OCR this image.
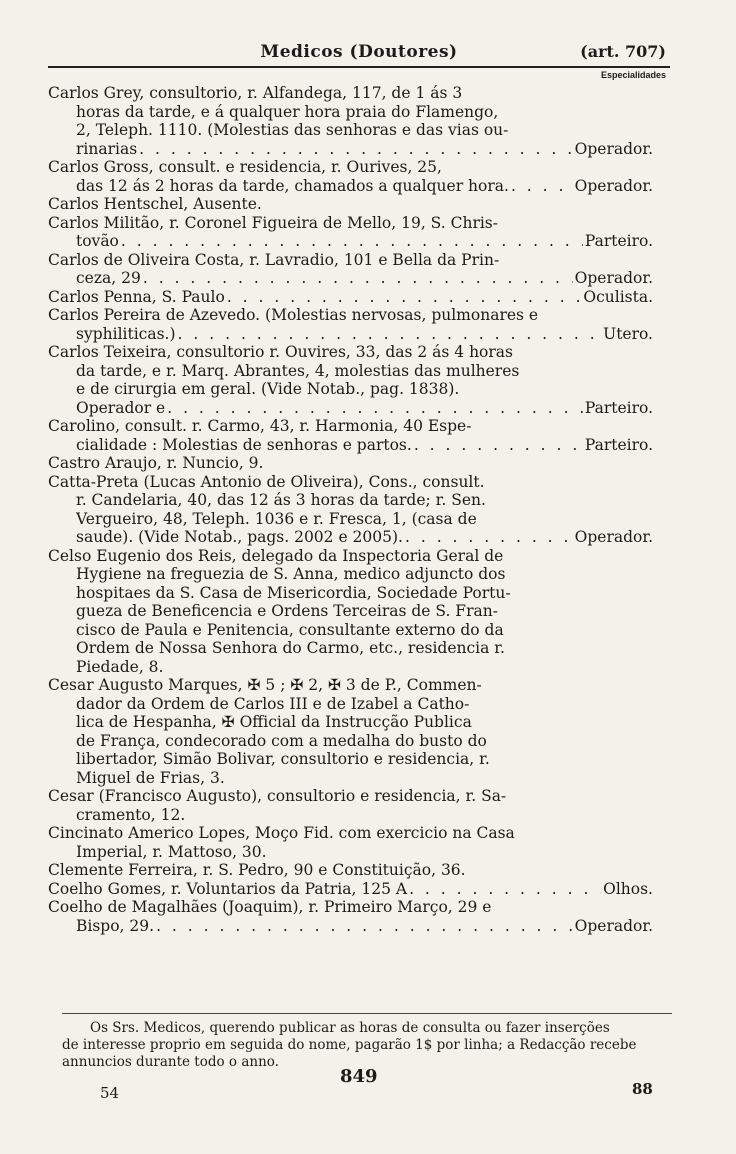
Medicos (Doutores)	(art. 707)
Especialidades
Carlos Grey, consultorio, r. Alfandega, 117, de 1 ás 3
horas da tarde, e á qualquer hora praia do Flamengo,
2, Teleph. 1110. (Molestias das senhoras e das vias ou-
rinarias . . .	Operador.
Carlos Gross, consult. e residencia, r. Ourives, 25,
das 12 ás 2 horas da tarde, chamados a qualquer hora. . . .	Operador.
Carlos Hentschel, Ausente.
Carlos Militão, r. Coronel Figueira de Mello, 19, S. Chris-
tovão . . .	Parteiro.
Carlos de Oliveira Costa, r. Lavradio, 101 e Bella da Prin-
ceza, 29 . . .	Operador.
Carlos Penna, S. Paulo . . .	Oculista.
Carlos Pereira de Azevedo. (Molestias nervosas, pulmonares e
syphiliticas.) . . .	Utero.
Carlos Teixeira, consultorio r. Ouvires, 33, das 2 ás 4 horas
da tarde, e r. Marq. Abrantes, 4, molestias das mulheres
e de cirurgia em geral. (Vide Notab., pag. 1838).
Operador e . . .	Parteiro.
Carolino, consult. r. Carmo, 43, r. Harmonia, 40 Espe-
cialidade : Molestias de senhoras e partos. . . .	Parteiro.
Castro Araujo, r. Nuncio, 9.
Catta-Preta (Lucas Antonio de Oliveira), Cons., consult.
r. Candelaria, 40, das 12 ás 3 horas da tarde; r. Sen.
Vergueiro, 48, Teleph. 1036 e r. Fresca, 1, (casa de
saude). (Vide Notab., pags. 2002 e 2005). . . .	Operador.
Celso Eugenio dos Reis, delegado da Inspectoria Geral de
Hygiene na freguezia de S. Anna, medico adjuncto dos
hospitaes da S. Casa de Misericordia, Sociedade Portu-
gueza de Beneficencia e Ordens Terceiras de S. Fran-
cisco de Paula e Penitencia, consultante externo do da
Ordem de Nossa Senhora do Carmo, etc., residencia r.
Piedade, 8.
Cesar Augusto Marques, ✠ 5 ; ✠ 2, ✠ 3 de P., Commen-
dador da Ordem de Carlos III e de Izabel a Catho-
lica de Hespanha, ✠ Official da Instrucção Publica
de França, condecorado com a medalha do busto do
libertador, Simão Bolivar, consultorio e residencia, r.
Miguel de Frias, 3.
Cesar (Francisco Augusto), consultorio e residencia, r. Sa-
cramento, 12.
Cincinato Americo Lopes, Moço Fid. com exercicio na Casa
Imperial, r. Mattoso, 30.
Clemente Ferreira, r. S. Pedro, 90 e Constituição, 36.
Coelho Gomes, r. Voluntarios da Patria, 125 A . . .	Olhos.
Coelho de Magalhães (Joaquim), r. Primeiro Março, 29 e
Bispo, 29. . . .	Operador.
Os Srs. Medicos, querendo publicar as horas de consulta ou fazer inserções
de interesse proprio em seguida do nome, pagarão 1$ por linha; a Redacção recebe
annuncios durante todo o anno.
849
54	88
